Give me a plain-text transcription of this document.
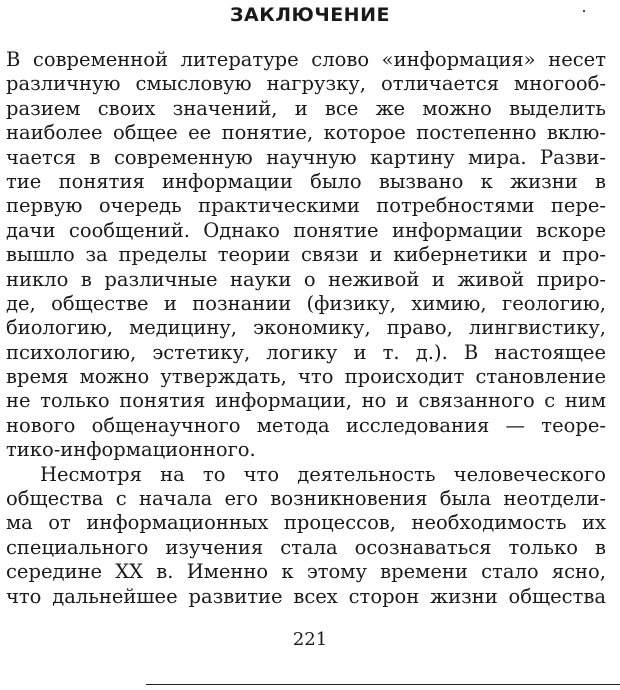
ЗАКЛЮЧЕНИЕ
В современной литературе слово «информация» несет
различную смысловую нагрузку, отличается многооб-
разием своих значений, и все же можно выделить
наиболее общее ее понятие, которое постепенно вклю-
чается в современную научную картину мира. Разви-
тие понятия информации было вызвано к жизни в
первую очередь практическими потребностями пере-
дачи сообщений. Однако понятие информации вскоре
вышло за пределы теории связи и кибернетики и про-
никло в различные науки о неживой и живой приро-
де, обществе и познании (физику, химию, геологию,
биологию, медицину, экономику, право, лингвистику,
психологию, эстетику, логику и т. д.). В настоящее
время можно утверждать, что происходит становление
не только понятия информации, но и связанного с ним
нового общенаучного метода исследования — теоре-
тико-информационного.
Несмотря на то что деятельность человеческого
общества с начала его возникновения была неотдели-
ма от информационных процессов, необходимость их
специального изучения стала осознаваться только в
середине XX в. Именно к этому времени стало ясно,
что дальнейшее развитие всех сторон жизни общества
221
